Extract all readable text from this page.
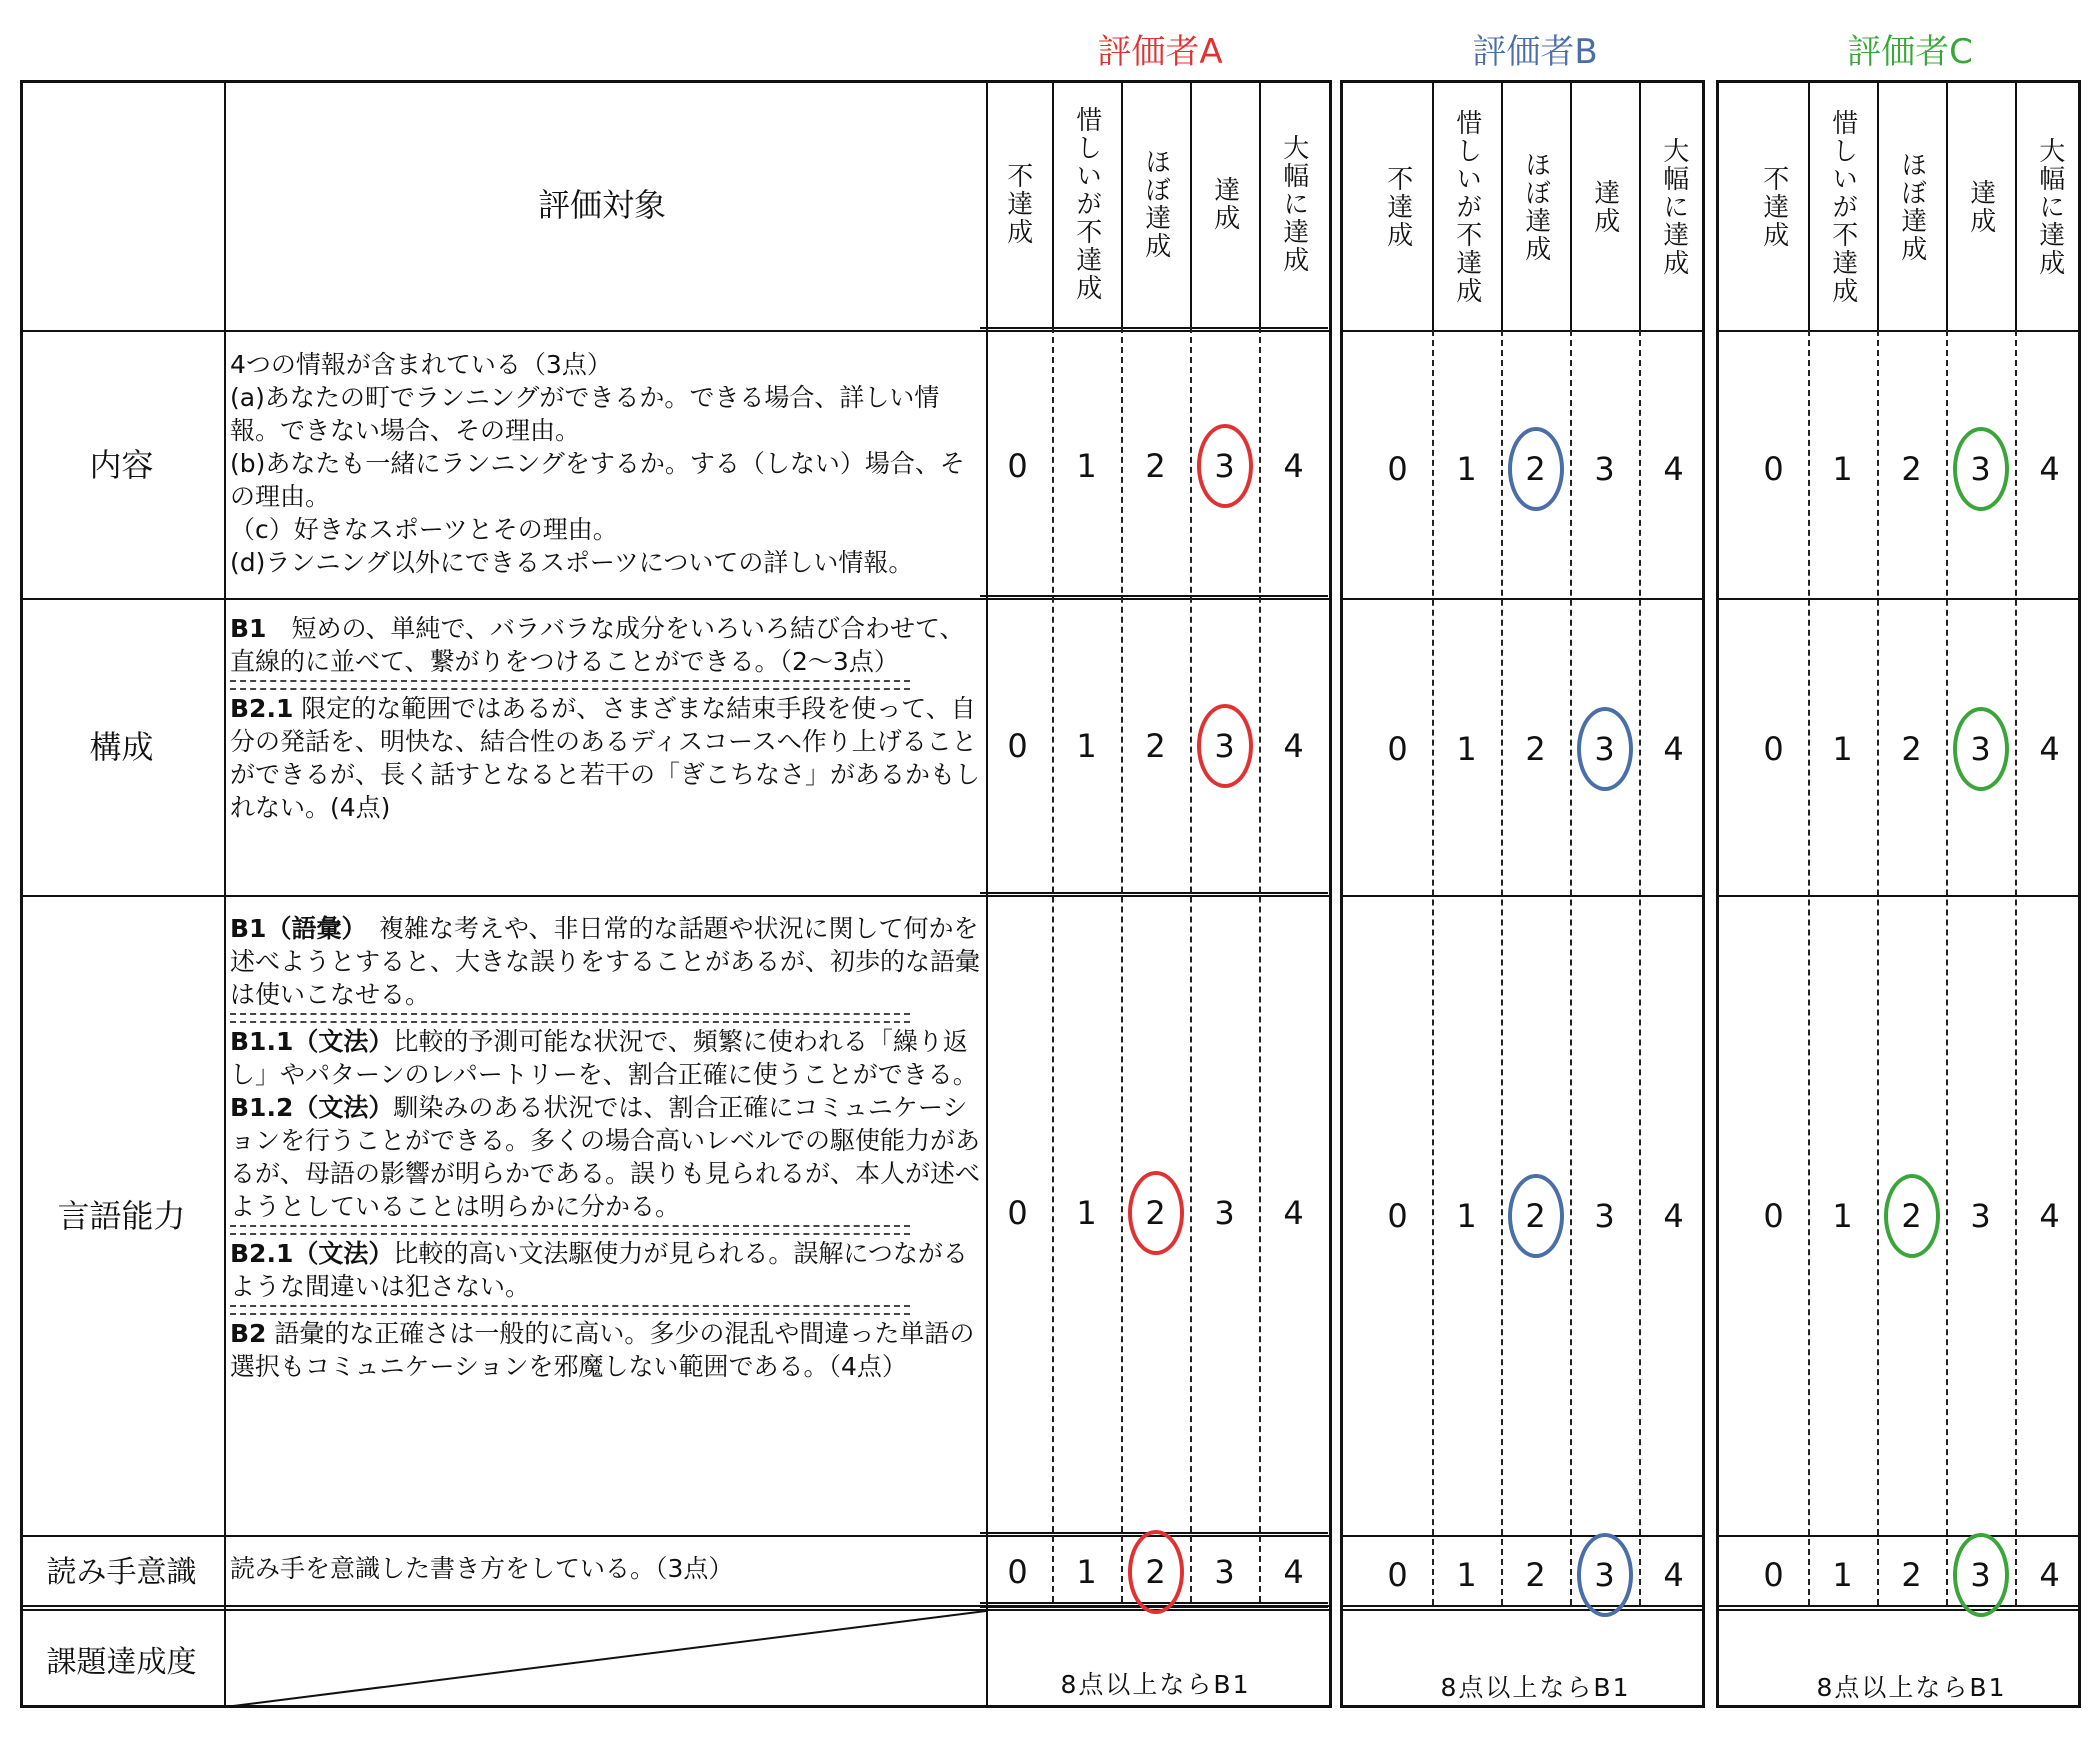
評価者A	評価者B	評価者C
評価対象
内容
構成
言語能力
読み手意識
課題達成度

4つの情報が含まれている（3点）

(a)あなたの町でランニングができるか。できる場合、詳しい情報。できない場合、その理由。

(b)あなたも一緒にランニングをするか。する（しない）場合、その理由。

（c）好きなスポーツとその理由。

(d)ランニング以外にできるスポーツについての詳しい情報。

B1　 短めの、単純で、バラバラな成分をいろいろ結び合わせて、直線的に並べて、繋がりをつけることができる。（2～3点）

B2.1 限定的な範囲ではあるが、さまざまな結束手段を使って、自分の発話を、明快な、結合性のあるディスコースへ作り上げることができるが、長く話すとなると若干の「ぎこちなさ」があるかもしれない。(4点)

B1（語彙）　 複雑な考えや、非日常的な話題や状況に関して何かを述べようとすると、大きな誤りをすることがあるが、初歩的な語彙は使いこなせる。

B1.1（文法）比較的予測可能な状況で、頻繁に使われる「繰り返し」やパターンのレパートリーを、割合正確に使うことができる。

B1.2（文法）馴染みのある状況では、割合正確にコミュニケーションを行うことができる。多くの場合高いレベルでの駆使能力があるが、母語の影響が明らかである。誤りも見られるが、本人が述べようとしていることは明らかに分かる。

B2.1（文法）比較的高い文法駆使力が見られる。誤解につながるような間違いは犯さない。

B2 語彙的な正確さは一般的に高い。多少の混乱や間違った単語の選択もコミュニケーションを邪魔しない範囲である。（4点）

読み手を意識した書き方をしている。（3点）
不達成 惜しいが不達成 ほぼ達成 達成 大幅に達成
0 1 2 3 4
0 1 2 3 4
0 1 2 3 4
0 1 2 3 4
8点以上ならB1
不達成 惜しいが不達成 ほぼ達成 達成 大幅に達成
0 1 2 3 4
0 1 2 3 4
0 1 2 3 4
0 1 2 3 4
8点以上ならB1
不達成 惜しいが不達成 ほぼ達成 達成 大幅に達成
0 1 2 3 4
0 1 2 3 4
0 1 2 3 4
0 1 2 3 4
8点以上ならB1
